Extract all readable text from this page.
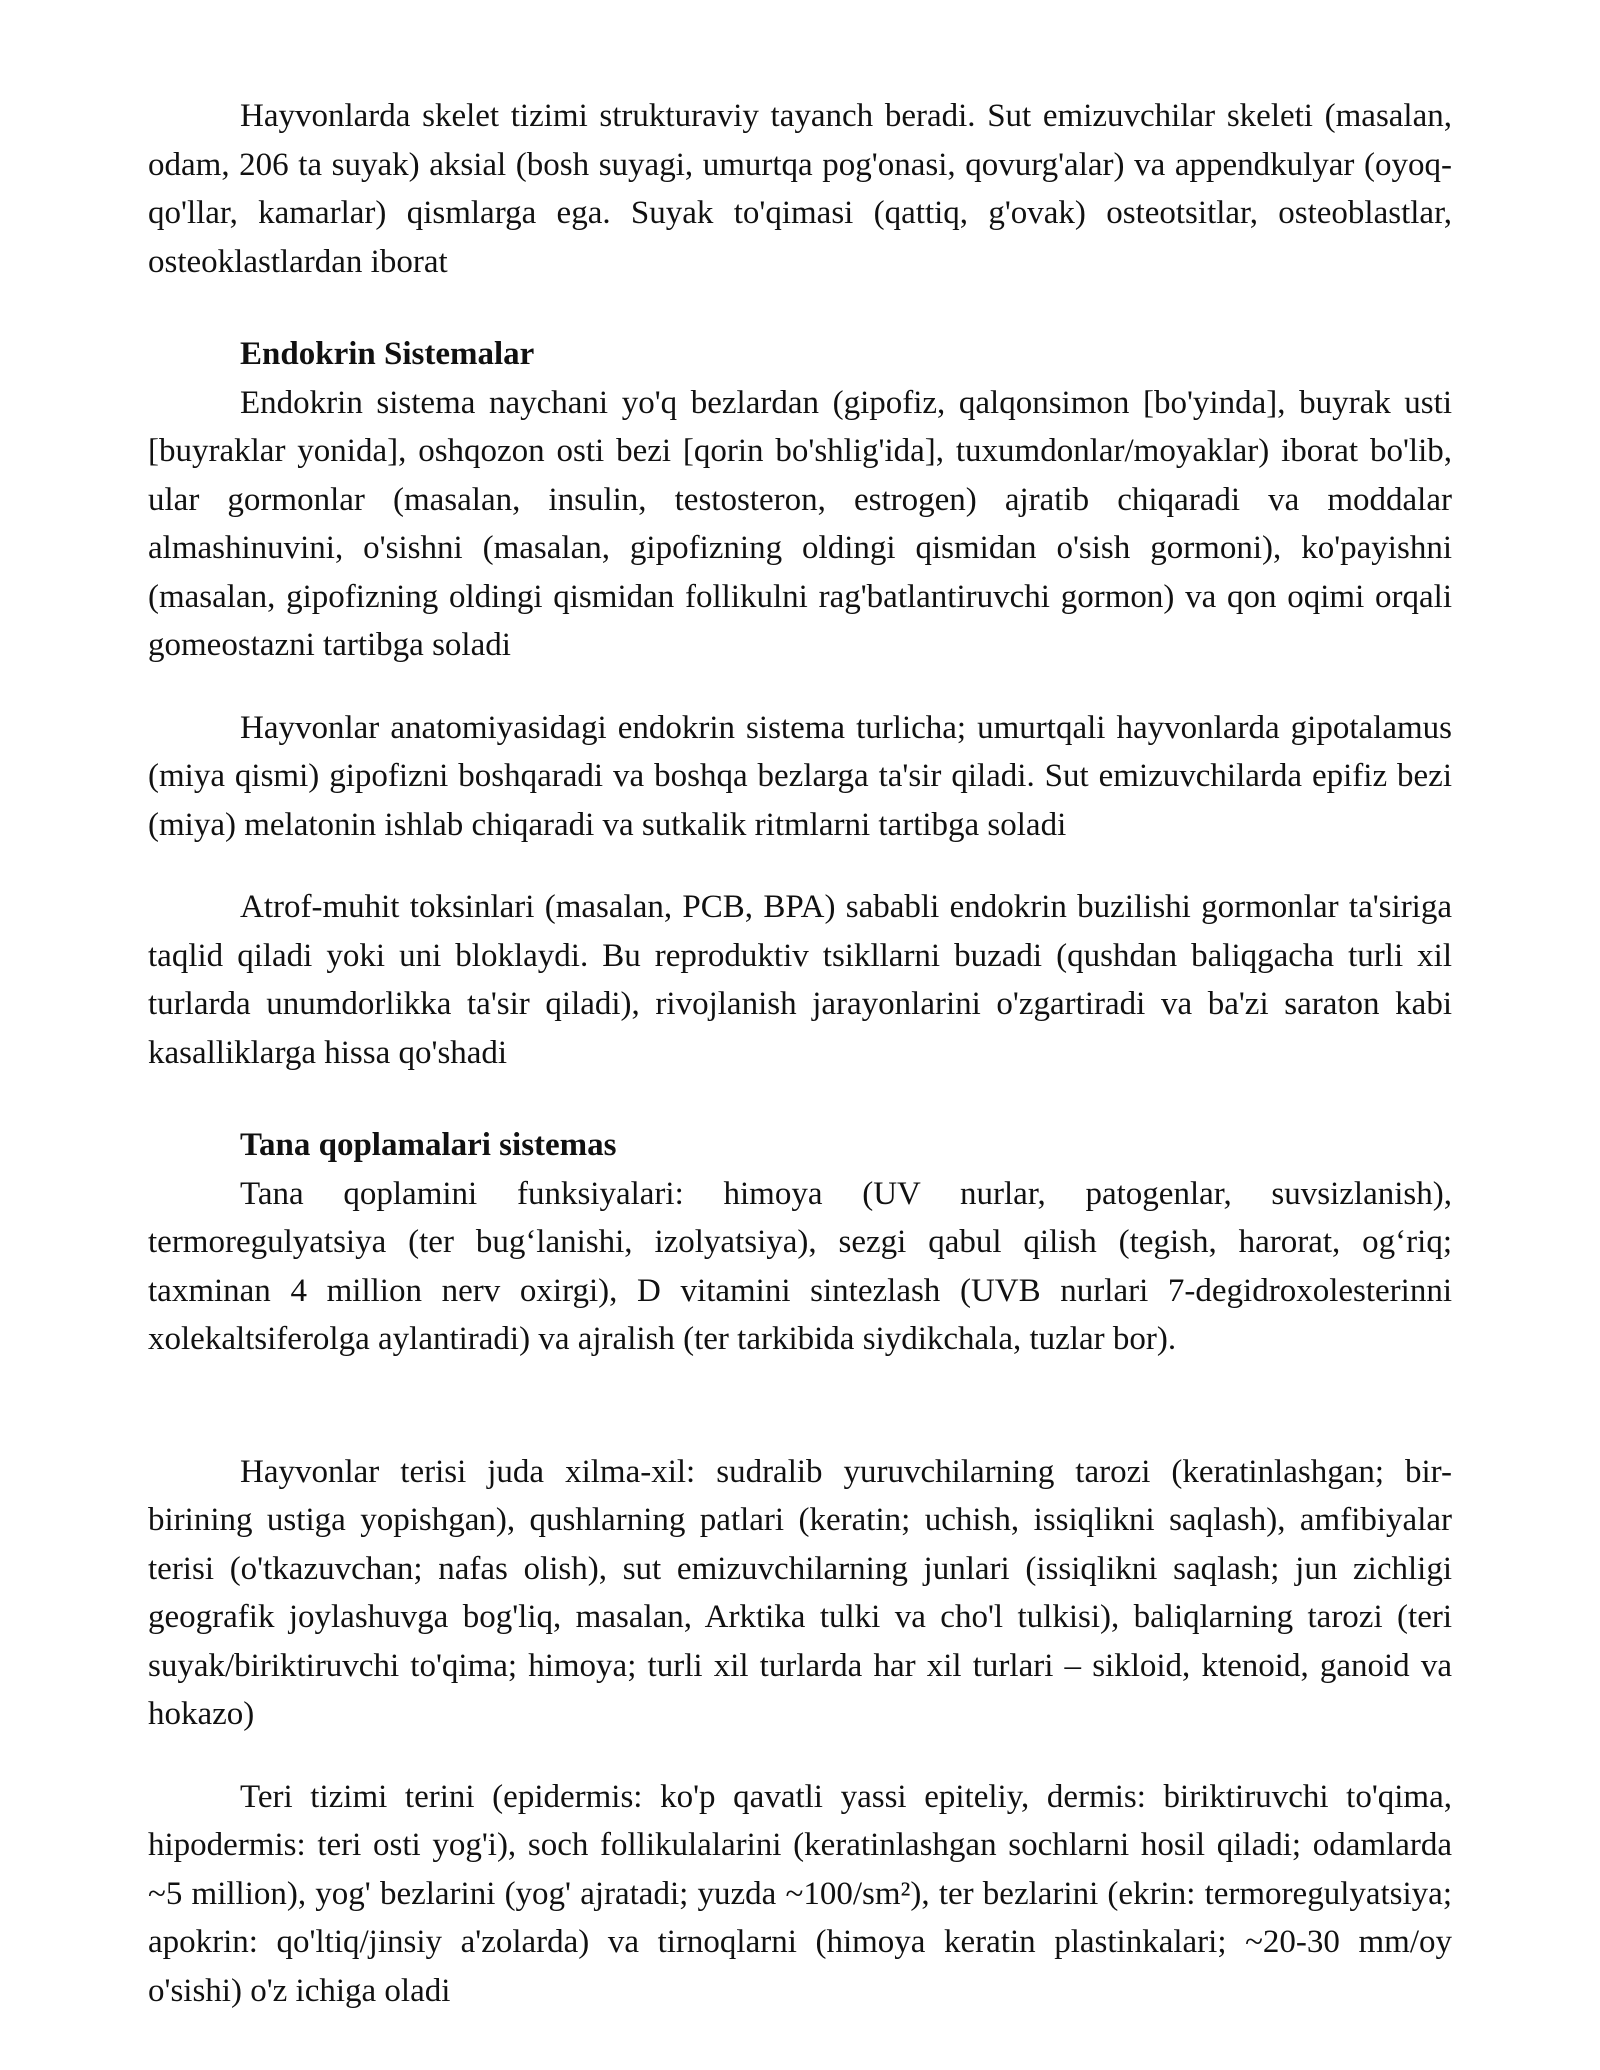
Hayvonlarda skelet tizimi strukturaviy tayanch beradi. Sut emizuvchilar skeleti (masalan, odam, 206 ta suyak) aksial (bosh suyagi, umurtqa pog'onasi, qovurg'alar) va appendkulyar (oyoq-qo'llar, kamarlar) qismlarga ega. Suyak to'qimasi (qattiq, g'ovak) osteotsitlar, osteoblastlar, osteoklastlardan iborat

Endokrin Sistemalar

Endokrin sistema naychani yo'q bezlardan (gipofiz, qalqonsimon [bo'yinda], buyrak usti [buyraklar yonida], oshqozon osti bezi [qorin bo'shlig'ida], tuxumdonlar/moyaklar) iborat bo'lib, ular gormonlar (masalan, insulin, testosteron, estrogen) ajratib chiqaradi va moddalar almashinuvini, o'sishni (masalan, gipofizning oldingi qismidan o'sish gormoni), ko'payishni (masalan, gipofizning oldingi qismidan follikulni rag'batlantiruvchi gormon) va qon oqimi orqali gomeostazni tartibga soladi

Hayvonlar anatomiyasidagi endokrin sistema turlicha; umurtqali hayvonlarda gipotalamus (miya qismi) gipofizni boshqaradi va boshqa bezlarga ta'sir qiladi. Sut emizuvchilarda epifiz bezi (miya) melatonin ishlab chiqaradi va sutkalik ritmlarni tartibga soladi

Atrof-muhit toksinlari (masalan, PCB, BPA) sababli endokrin buzilishi gormonlar ta'siriga taqlid qiladi yoki uni bloklaydi. Bu reproduktiv tsikllarni buzadi (qushdan baliqgacha turli xil turlarda unumdorlikka ta'sir qiladi), rivojlanish jarayonlarini o'zgartiradi va ba'zi saraton kabi kasalliklarga hissa qo'shadi

Tana qoplamalari sistemas

Tana qoplamini funksiyalari: himoya (UV nurlar, patogenlar, suvsizlanish), termoregulyatsiya (ter bug‘lanishi, izolyatsiya), sezgi qabul qilish (tegish, harorat, og‘riq; taxminan 4 million nerv oxirgi), D vitamini sintezlash (UVB nurlari 7-degidroxolesterinni xolekaltsiferolga aylantiradi) va ajralish (ter tarkibida siydikchala, tuzlar bor).

Hayvonlar terisi juda xilma-xil: sudralib yuruvchilarning tarozi (keratinlashgan; bir-birining ustiga yopishgan), qushlarning patlari (keratin; uchish, issiqlikni saqlash), amfibiyalar terisi (o'tkazuvchan; nafas olish), sut emizuvchilarning junlari (issiqlikni saqlash; jun zichligi geografik joylashuvga bog'liq, masalan, Arktika tulki va cho'l tulkisi), baliqlarning tarozi (teri suyak/biriktiruvchi to'qima; himoya; turli xil turlarda har xil turlari – sikloid, ktenoid, ganoid va hokazo)

Teri tizimi terini (epidermis: ko'p qavatli yassi epiteliy, dermis: biriktiruvchi to'qima, hipodermis: teri osti yog'i), soch follikulalarini (keratinlashgan sochlarni hosil qiladi; odamlarda ~5 million), yog' bezlarini (yog' ajratadi; yuzda ~100/sm²), ter bezlarini (ekrin: termoregulyatsiya; apokrin: qo'ltiq/jinsiy a'zolarda) va tirnoqlarni (himoya keratin plastinkalari; ~20-30 mm/oy o'sishi) o'z ichiga oladi
